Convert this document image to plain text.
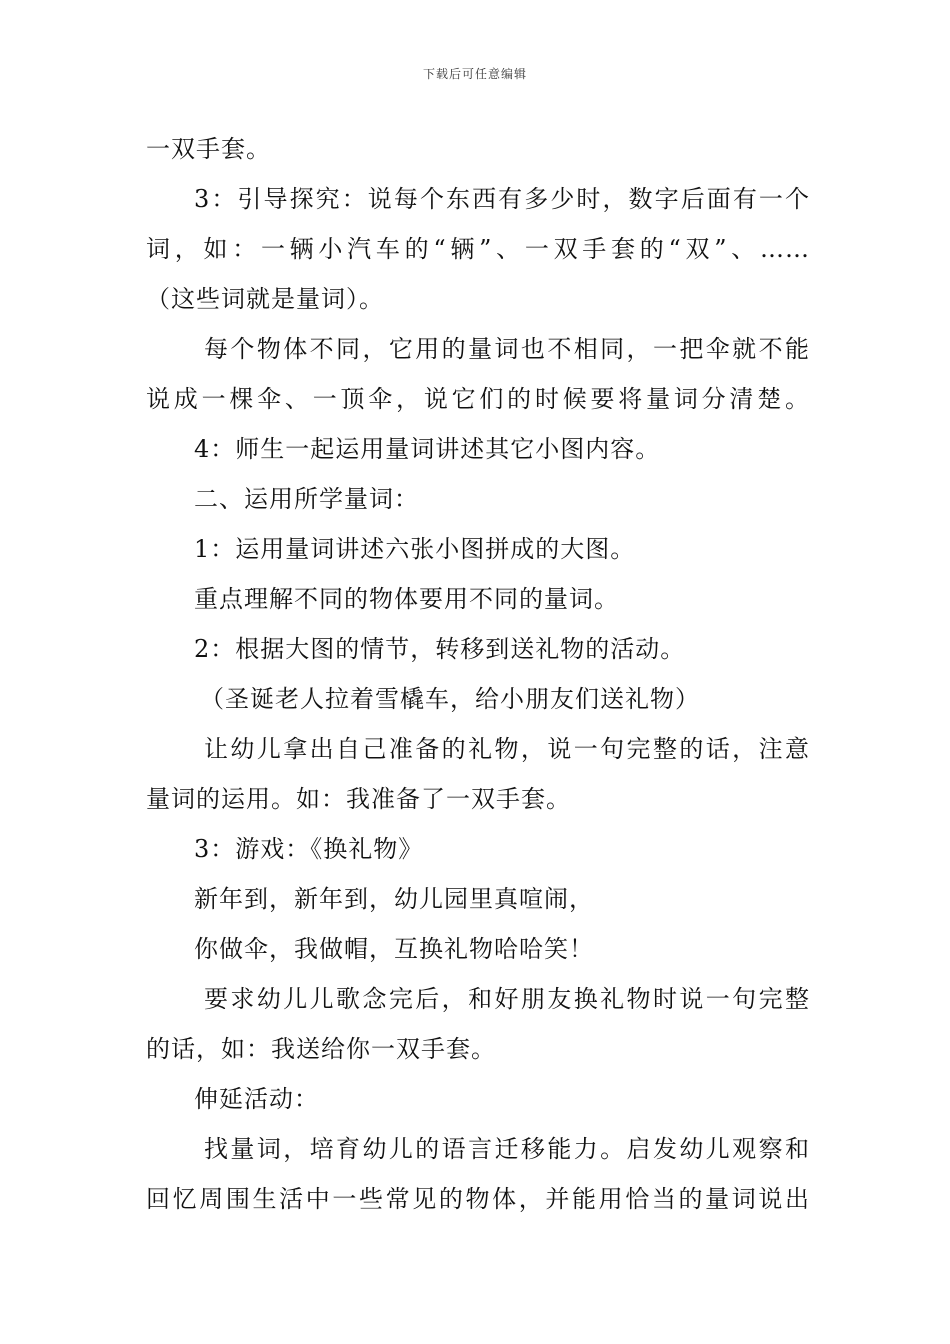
下载后可任意编辑
一双手套。
3：引导探究：说每个东西有多少时，数字后面有一个
词，如：一辆小汽车的“辆”、一双手套的“双”、……
（这些词就是量词）。
每个物体不同，它用的量词也不相同，一把伞就不能
说成一棵伞、一顶伞，说它们的时候要将量词分清楚。
4：师生一起运用量词讲述其它小图内容。
二、运用所学量词：
1：运用量词讲述六张小图拼成的大图。
重点理解不同的物体要用不同的量词。
2：根据大图的情节，转移到送礼物的活动。
（圣诞老人拉着雪橇车，给小朋友们送礼物）
让幼儿拿出自己准备的礼物，说一句完整的话，注意
量词的运用。如：我准备了一双手套。
3：游戏：《换礼物》
新年到，新年到，幼儿园里真喧闹，
你做伞，我做帽，互换礼物哈哈笑！
要求幼儿儿歌念完后，和好朋友换礼物时说一句完整
的话，如：我送给你一双手套。
伸延活动：
找量词，培育幼儿的语言迁移能力。启发幼儿观察和
回忆周围生活中一些常见的物体，并能用恰当的量词说出
